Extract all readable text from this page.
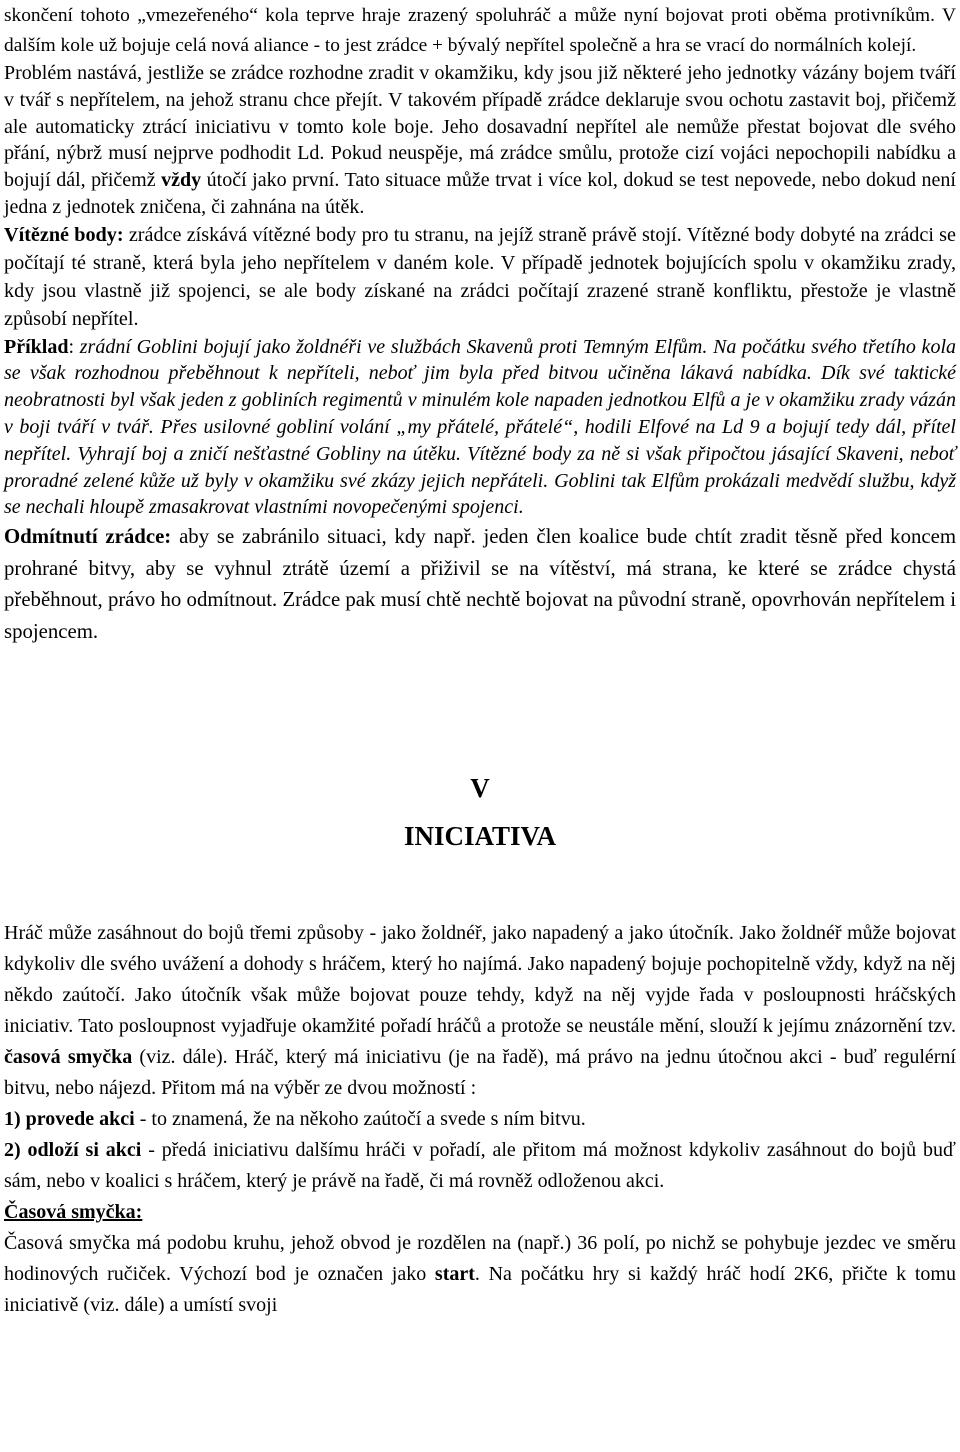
skončení tohoto „vmezeřeného“ kola teprve hraje zrazený spoluhráč a může nyní bojovat proti oběma protivníkům. V dalším kole už bojuje celá nová aliance - to jest zrádce + bývalý nepřítel společně a hra se vrací do normálních kolejí.

Problém nastává, jestliže se zrádce rozhodne zradit v okamžiku, kdy jsou již některé jeho jednotky vázány bojem tváří v tvář s nepřítelem, na jehož stranu chce přejít. V takovém případě zrádce deklaruje svou ochotu zastavit boj, přičemž ale automaticky ztrácí iniciativu v tomto kole boje. Jeho dosavadní nepřítel ale nemůže přestat bojovat dle svého přání, nýbrž musí nejprve podhodit Ld. Pokud neuspěje, má zrádce smůlu, protože cizí vojáci nepochopili nabídku a bojují dál, přičemž vždy útočí jako první. Tato situace může trvat i více kol, dokud se test nepovede, nebo dokud není jedna z jednotek zničena, či zahnána na útěk.

Vítězné body: zrádce získává vítězné body pro tu stranu, na jejíž straně právě stojí. Vítězné body dobyté na zrádci se počítají té straně, která byla jeho nepřítelem v daném kole. V případě jednotek bojujících spolu v okamžiku zrady, kdy jsou vlastně již spojenci, se ale body získané na zrádci počítají zrazené straně konfliktu, přestože je vlastně způsobí nepřítel.

Příklad: zrádní Goblini bojují jako žoldnéři ve službách Skavenů proti Temným Elfům. Na počátku svého třetího kola se však rozhodnou přeběhnout k nepříteli, neboť jim byla před bitvou učiněna lákavá nabídka. Dík své taktické neobratnosti byl však jeden z gobliních regimentů v minulém kole napaden jednotkou Elfů a je v okamžiku zrady vázán v boji tváří v tvář. Přes usilovné gobliní volání „my přátelé, přátelé“, hodili Elfové na Ld 9 a bojují tedy dál, přítel nepřítel. Vyhrají boj a zničí nešťastné Gobliny na útěku. Vítězné body za ně si však připočtou jásající Skaveni, neboť proradné zelené kůže už byly v okamžiku své zkázy jejich nepřáteli. Goblini tak Elfům prokázali medvědí službu, když se nechali hloupě zmasakrovat vlastními novopečenými spojenci.

Odmítnutí zrádce: aby se zabránilo situaci, kdy např. jeden člen koalice bude chtít zradit těsně před koncem prohrané bitvy, aby se vyhnul ztrátě území a přiživil se na vítěství, má strana, ke které se zrádce chystá přeběhnout, právo ho odmítnout. Zrádce pak musí chtě nechtě bojovat na původní straně, opovrhován nepřítelem i spojencem.

V
INICIATIVA

Hráč může zasáhnout do bojů třemi způsoby - jako žoldnéř, jako napadený a jako útočník. Jako žoldnéř může bojovat kdykoliv dle svého uvážení a dohody s hráčem, který ho najímá. Jako napadený bojuje pochopitelně vždy, když na něj někdo zaútočí. Jako útočník však může bojovat pouze tehdy, když na něj vyjde řada v posloupnosti hráčských iniciativ. Tato posloupnost vyjadřuje okamžité pořadí hráčů a protože se neustále mění, slouží k jejímu znázornění tzv. časová smyčka (viz. dále). Hráč, který má iniciativu (je na řadě), má právo na jednu útočnou akci - buď regulérní bitvu, nebo nájezd. Přitom má na výběr ze dvou možností :

1) provede akci - to znamená, že na někoho zaútočí a svede s ním bitvu.

2) odloží si akci - předá iniciativu dalšímu hráči v pořadí, ale přitom má možnost kdykoliv zasáhnout do bojů buď sám, nebo v koalici s hráčem, který je právě na řadě, či má rovněž odloženou akci.

Časová smyčka:

Časová smyčka má podobu kruhu, jehož obvod je rozdělen na (např.) 36 polí, po nichž se pohybuje jezdec ve směru hodinových ručiček. Výchozí bod je označen jako start. Na počátku hry si každý hráč hodí 2K6, přičte k tomu iniciativě (viz. dále) a umístí svoji
